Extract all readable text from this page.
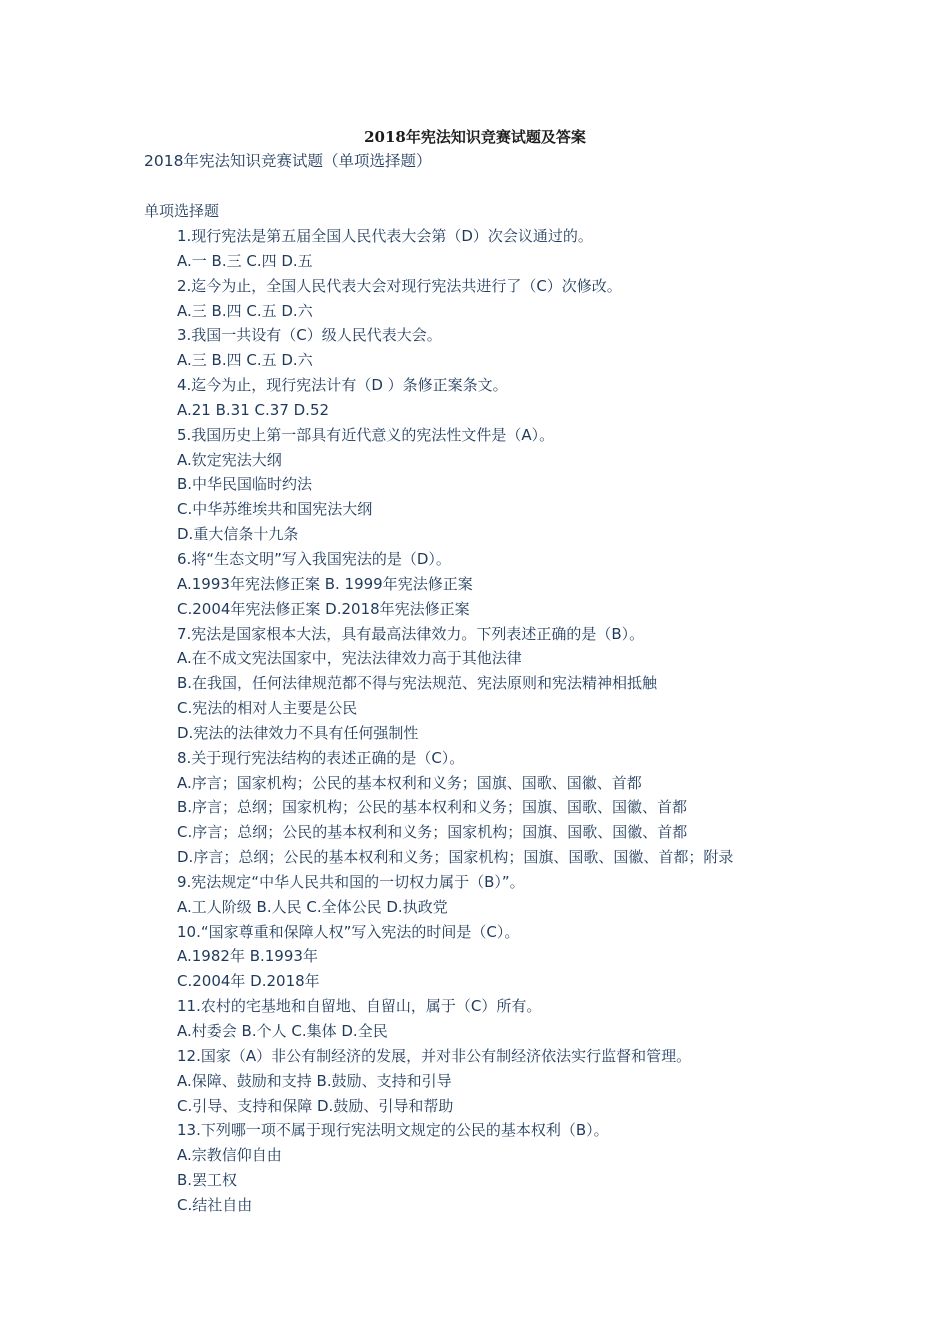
2018年宪法知识竞赛试题及答案
2018年宪法知识竞赛试题（单项选择题）
单项选择题
1.现行宪法是第五届全国人民代表大会第（D）次会议通过的。
A.一 B.三 C.四 D.五
2.迄今为止，全国人民代表大会对现行宪法共进行了（C）次修改。
A.三 B.四 C.五 D.六
3.我国一共设有（C）级人民代表大会。
A.三 B.四 C.五 D.六
4.迄今为止，现行宪法计有（D ）条修正案条文。
A.21 B.31 C.37 D.52
5.我国历史上第一部具有近代意义的宪法性文件是（A）。
A.钦定宪法大纲
B.中华民国临时约法
C.中华苏维埃共和国宪法大纲
D.重大信条十九条
6.将“生态文明”写入我国宪法的是（D）。
A.1993年宪法修正案 B. 1999年宪法修正案
C.2004年宪法修正案 D.2018年宪法修正案
7.宪法是国家根本大法，具有最高法律效力。下列表述正确的是（B）。
A.在不成文宪法国家中，宪法法律效力高于其他法律
B.在我国，任何法律规范都不得与宪法规范、宪法原则和宪法精神相抵触
C.宪法的相对人主要是公民
D.宪法的法律效力不具有任何强制性
8.关于现行宪法结构的表述正确的是（C）。
A.序言；国家机构；公民的基本权利和义务；国旗、国歌、国徽、首都
B.序言；总纲；国家机构；公民的基本权利和义务；国旗、国歌、国徽、首都
C.序言；总纲；公民的基本权利和义务；国家机构；国旗、国歌、国徽、首都
D.序言；总纲；公民的基本权利和义务；国家机构；国旗、国歌、国徽、首都；附录
9.宪法规定“中华人民共和国的一切权力属于（B）”。
A.工人阶级 B.人民 C.全体公民 D.执政党
10.“国家尊重和保障人权”写入宪法的时间是（C）。
A.1982年 B.1993年
C.2004年 D.2018年
11.农村的宅基地和自留地、自留山，属于（C）所有。
A.村委会 B.个人 C.集体 D.全民
12.国家（A）非公有制经济的发展，并对非公有制经济依法实行监督和管理。
A.保障、鼓励和支持 B.鼓励、支持和引导
C.引导、支持和保障 D.鼓励、引导和帮助
13.下列哪一项不属于现行宪法明文规定的公民的基本权利（B）。
A.宗教信仰自由
B.罢工权
C.结社自由
